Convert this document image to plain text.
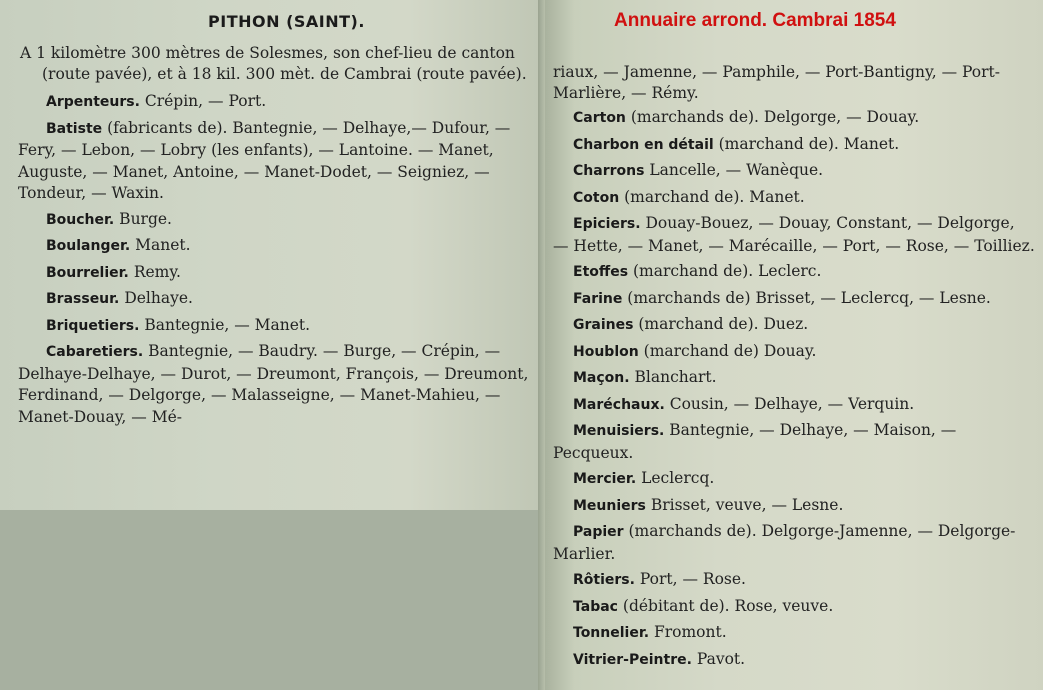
PITHON (SAINT).

A 1 kilomètre 300 mètres de Solesmes, son chef-lieu de canton (route pavée), et à 18 kil. 300 mèt. de Cambrai (route pavée).

Arpenteurs. Crépin, — Port.

Batiste (fabricants de). Bantegnie, — Delhaye,— Dufour, — Fery, — Lebon, — Lobry (les enfants), — Lantoine. — Manet, Auguste, — Manet, Antoine, — Manet-Dodet, — Seigniez, — Tondeur, — Waxin.

Boucher. Burge.

Boulanger. Manet.

Bourrelier. Remy.

Brasseur. Delhaye.

Briquetiers. Bantegnie, — Manet.

Cabaretiers. Bantegnie, — Baudry. — Burge, — Crépin, — Delhaye-Delhaye, — Durot, — Dreumont, François, — Dreumont, Ferdinand, — Delgorge, — Malasseigne, — Manet-Mahieu, — Manet-Douay, — Mé-

riaux, — Jamenne, — Pamphile, — Port-Bantigny, — Port-Marlière, — Rémy.

Carton (marchands de). Delgorge, — Douay.

Charbon en détail (marchand de). Manet.

Charrons Lancelle, — Wanèque.

Coton (marchand de). Manet.

Epiciers. Douay-Bouez, — Douay, Constant, — Delgorge, — Hette, — Manet, — Marécaille, — Port, — Rose, — Toilliez.

Etoffes (marchand de). Leclerc.

Farine (marchands de) Brisset, — Leclercq, — Lesne.

Graines (marchand de). Duez.

Houblon (marchand de) Douay.

Maçon. Blanchart.

Maréchaux. Cousin, — Delhaye, — Verquin.

Menuisiers. Bantegnie, — Delhaye, — Maison, — Pecqueux.

Mercier. Leclercq.

Meuniers Brisset, veuve, — Lesne.

Papier (marchands de). Delgorge-Jamenne, — Delgorge-Marlier.

Rôtiers. Port, — Rose.

Tabac (débitant de). Rose, veuve.

Tonnelier. Fromont.

Vitrier-Peintre. Pavot.

Annuaire arrond. Cambrai 1854
